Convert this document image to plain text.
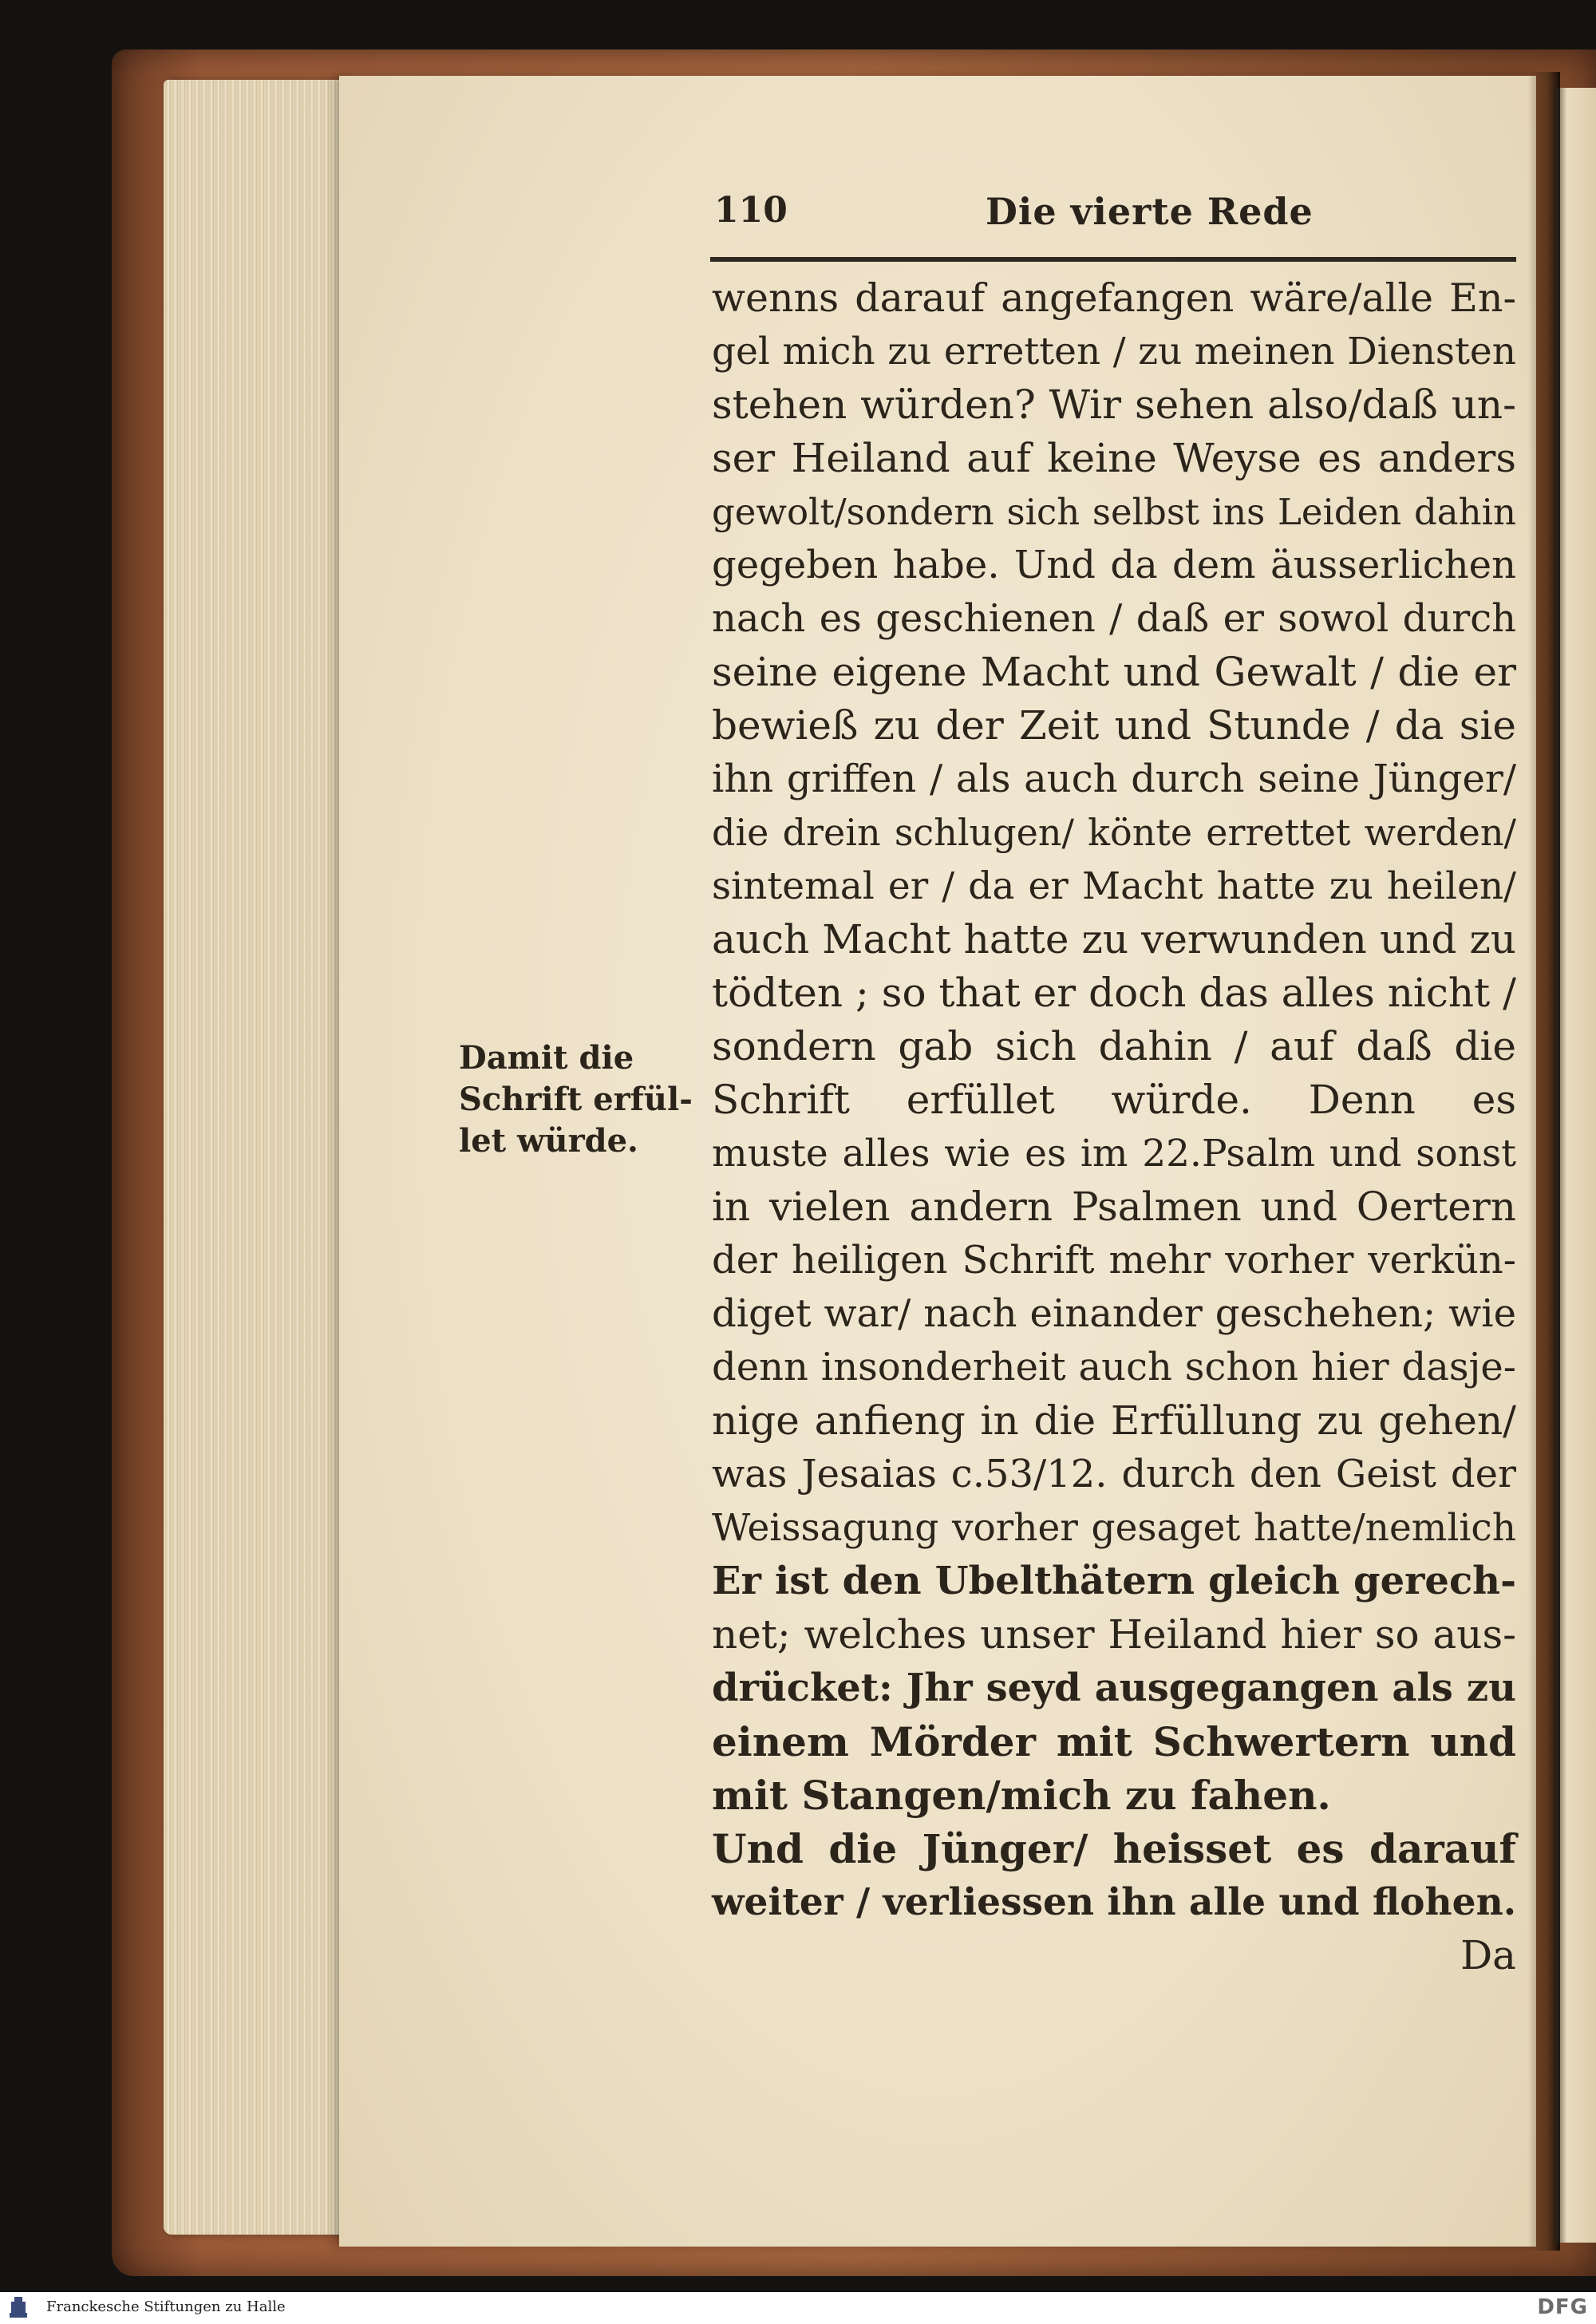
110	Die vierte Rede
Damit die
Schrift erfül-
let würde.
wenns darauf angefangen wäre/alle En-
gel mich zu erretten / zu meinen Diensten
stehen würden? Wir sehen also/daß un-
ser Heiland auf keine Weyse es anders
gewolt/sondern sich selbst ins Leiden dahin
gegeben habe. Und da dem äusserlichen
nach es geschienen / daß er sowol durch
seine eigene Macht und Gewalt / die er
bewieß zu der Zeit und Stunde / da sie
ihn griffen / als auch durch seine Jünger/
die drein schlugen/ könte errettet werden/
sintemal er / da er Macht hatte zu heilen/
auch Macht hatte zu verwunden und zu
tödten ; so that er doch das alles nicht /
sondern gab sich dahin / auf daß die
Schrift erfüllet würde. Denn es
muste alles wie es im 22.Psalm und sonst
in vielen andern Psalmen und Oertern
der heiligen Schrift mehr vorher verkün-
diget war/ nach einander geschehen; wie
denn insonderheit auch schon hier dasje-
nige anfieng in die Erfüllung zu gehen/
was Jesaias c.53/12. durch den Geist der
Weissagung vorher gesaget hatte/nemlich
Er ist den Ubelthätern gleich gerech-
net; welches unser Heiland hier so aus-
drücket: Jhr seyd ausgegangen als zu
einem Mörder mit Schwertern und
mit Stangen/mich zu fahen.
Und die Jünger/ heisset es darauf
weiter / verliessen ihn alle und flohen.
Da
Franckesche Stiftungen zu Halle	DFG
